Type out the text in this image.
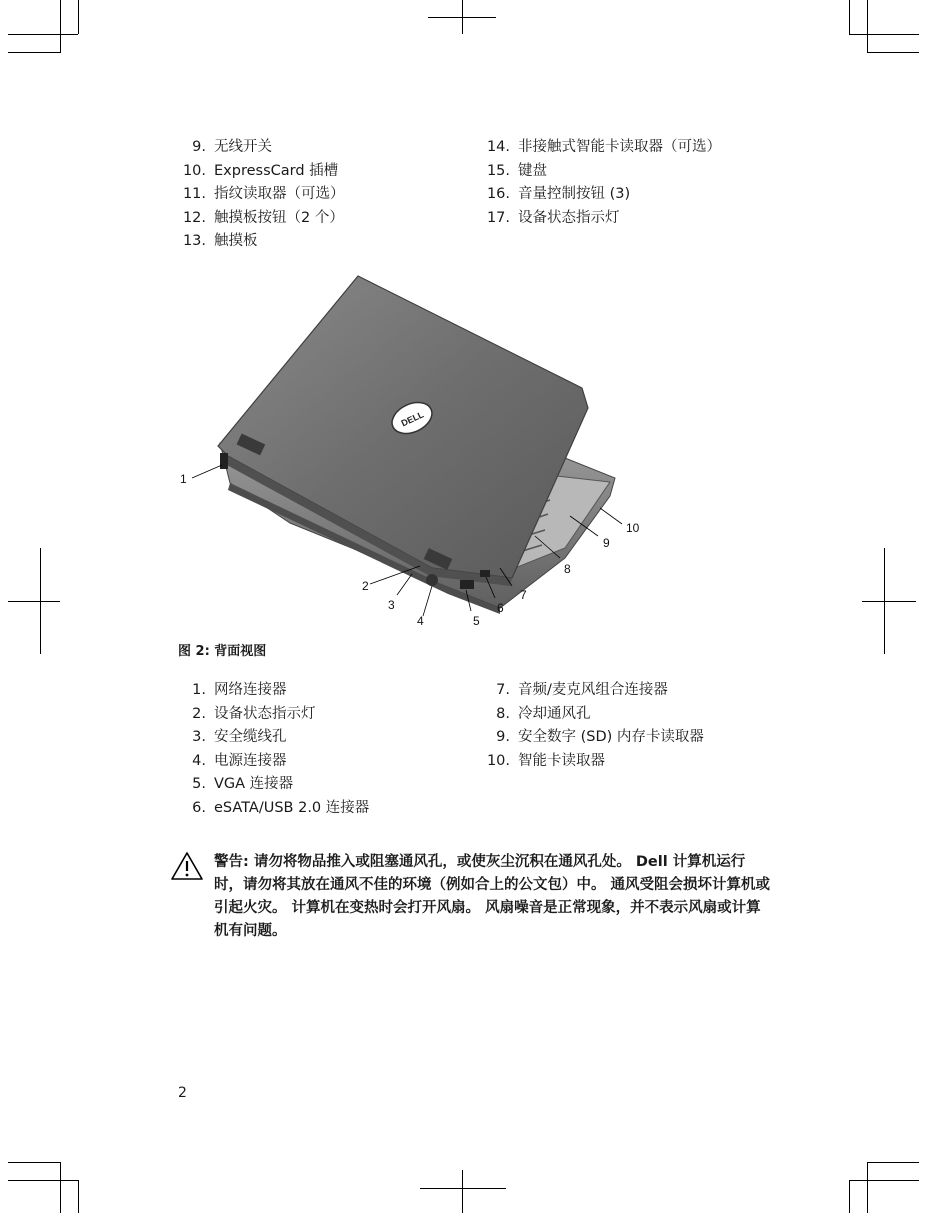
9. 无线开关
10. ExpressCard 插槽
11. 指纹读取器（可选）
12. 触摸板按钮（2 个）
13. 触摸板
14. 非接触式智能卡读取器（可选）
15. 键盘
16. 音量控制按钮 (3)
17. 设备状态指示灯
DELL
1
2
3
4	5
6
7
8
9
10
图 2: 背面视图
1. 网络连接器
2. 设备状态指示灯
3. 安全缆线孔
4. 电源连接器
5. VGA 连接器
6. eSATA/USB 2.0 连接器
7. 音频/麦克风组合连接器
8. 冷却通风孔
9. 安全数字 (SD) 内存卡读取器
10. 智能卡读取器
警告: 请勿将物品推入或阻塞通风孔，或使灰尘沉积在通风孔处。 Dell 计算机运行时，请勿将其放在通风不佳的环境（例如合上的公文包）中。 通风受阻会损坏计算机或引起火灾。 计算机在变热时会打开风扇。 风扇噪音是正常现象，并不表示风扇或计算机有问题。
2
